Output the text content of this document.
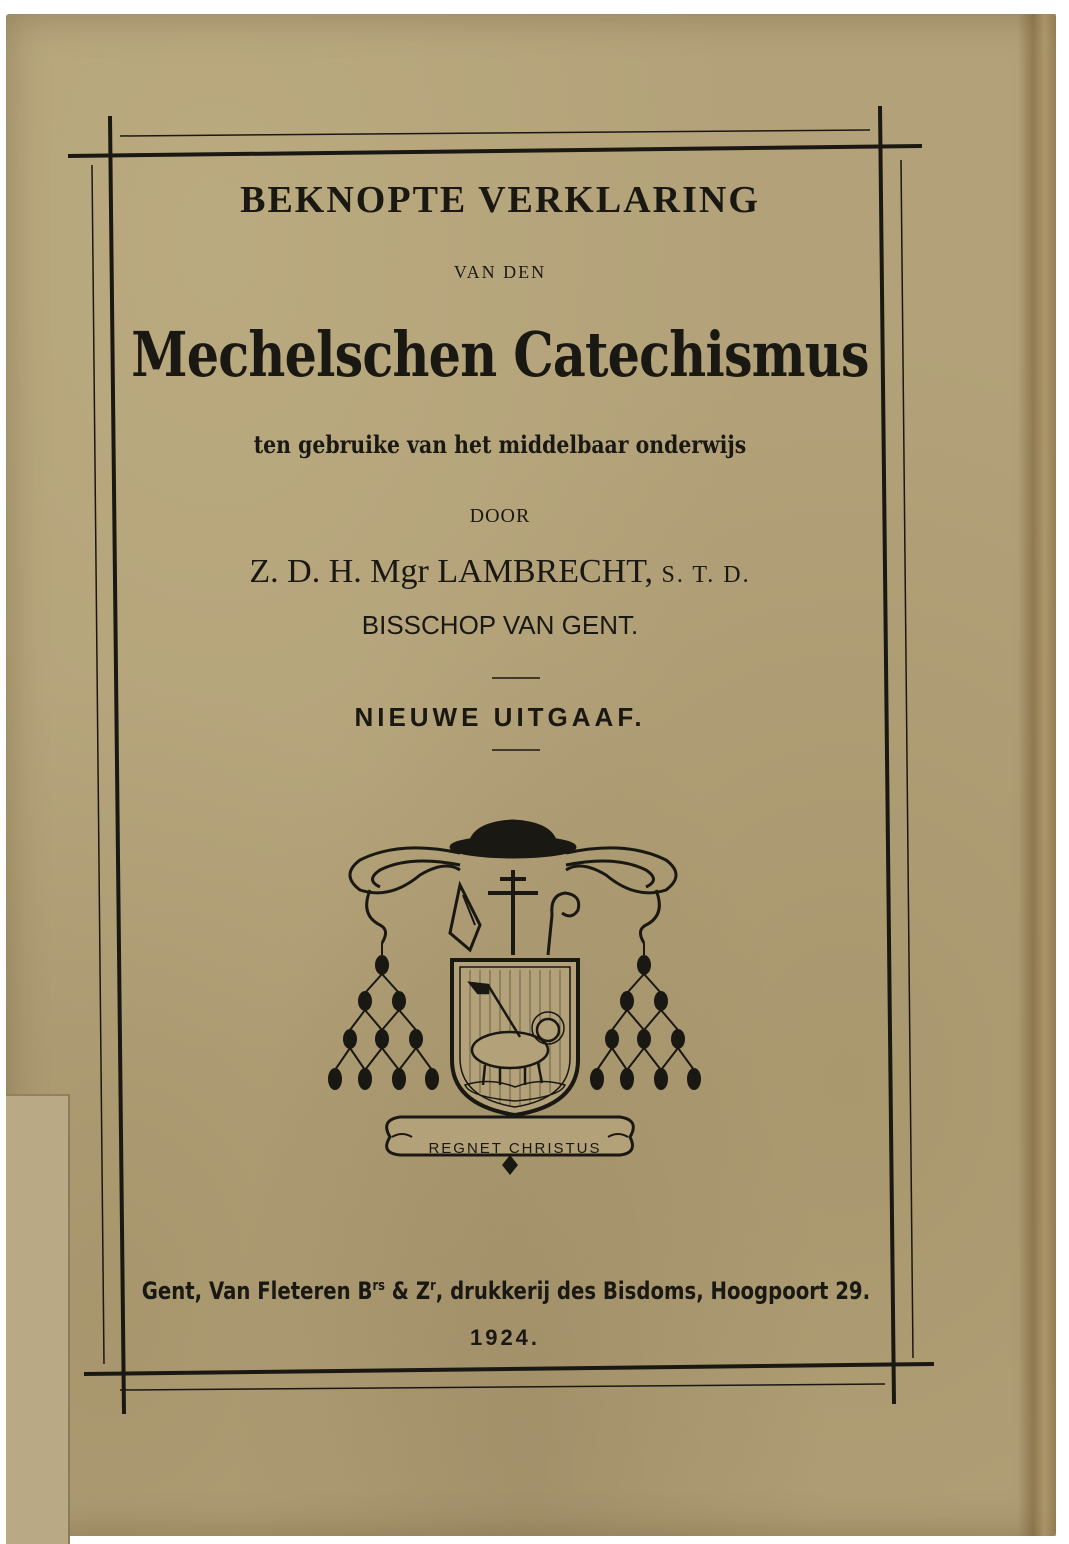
BEKNOPTE VERKLARING

VAN DEN

Mechelschen Catechismus

ten gebruike van het middelbaar onderwijs

DOOR

Z. D. H. Mgr LAMBRECHT, S. T. D.

BISSCHOP VAN GENT.

NIEUWE UITGAAF.

REGNET CHRISTUS

Gent, Van Fleteren $B^{rs}$ & $Z^r$, drukkerij des Bisdoms, Hoogpoort 29.

1924.
